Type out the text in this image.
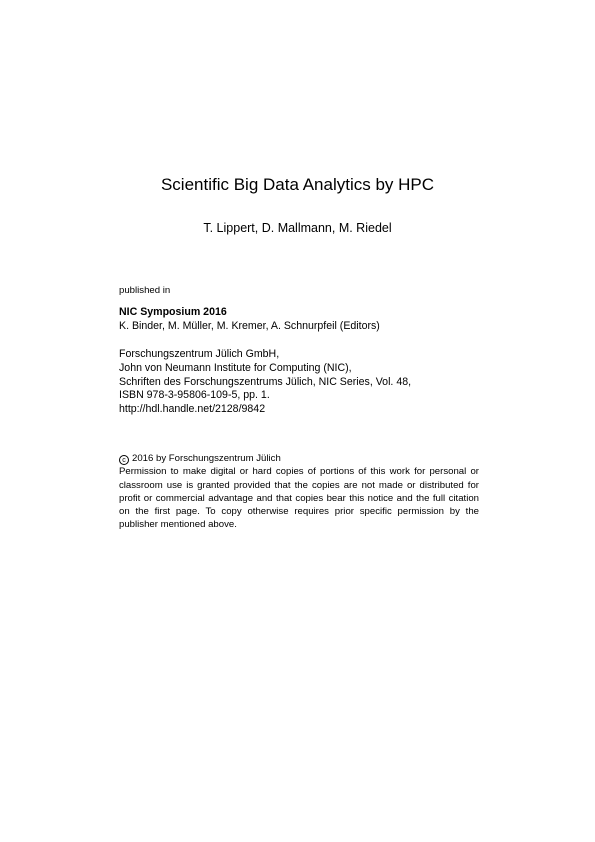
Scientific Big Data Analytics by HPC
T. Lippert, D. Mallmann, M. Riedel
published in
NIC Symposium 2016
K. Binder, M. Müller, M. Kremer, A. Schnurpfeil (Editors)
Forschungszentrum Jülich GmbH,
John von Neumann Institute for Computing (NIC),
Schriften des Forschungszentrums Jülich, NIC Series, Vol. 48,
ISBN 978-3-95806-109-5, pp. 1.
http://hdl.handle.net/2128/9842
c 2016 by Forschungszentrum Jülich
Permission to make digital or hard copies of portions of this work for personal or classroom use is granted provided that the copies are not made or distributed for profit or commercial advantage and that copies bear this notice and the full citation on the first page. To copy otherwise requires prior specific permission by the publisher mentioned above.
